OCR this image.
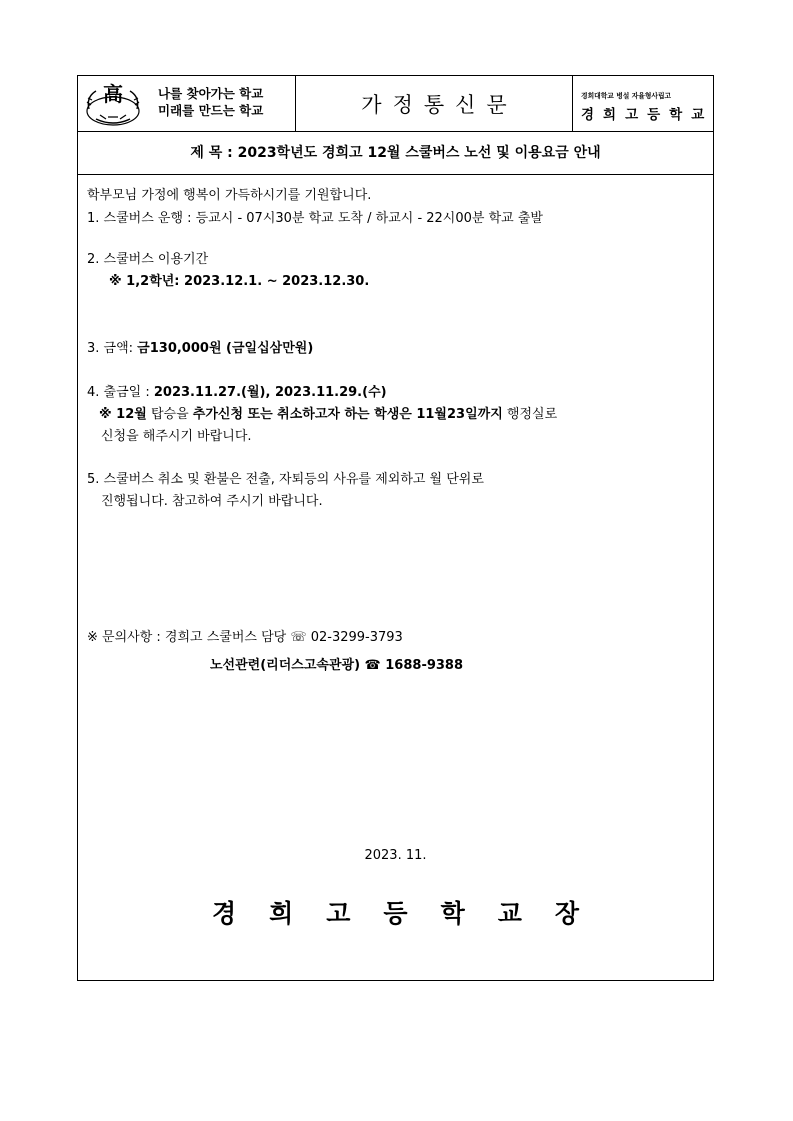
高	나를 찾아가는 학교
미래를 만드는 학교	가정통신문	경희대학교 병설 자율형사립고
경희고등학교
제 목 : 2023학년도 경희고 12월 스쿨버스 노선 및 이용요금 안내
학부모님 가정에 행복이 가득하시기를 기원합니다.
1. 스쿨버스 운행 : 등교시 - 07시30분 학교 도착 / 하교시 - 22시00분 학교 출발
2. 스쿨버스 이용기간
※ 1,2학년: 2023.12.1. ~ 2023.12.30.
3. 금액: 금130,000원 (금일십삼만원)
4. 출금일 : 2023.11.27.(월), 2023.11.29.(수)
※ 12월 탑승을 추가신청 또는 취소하고자 하는 학생은 11월23일까지 행정실로
신청을 해주시기 바랍니다.
5. 스쿨버스 취소 및 환불은 전출, 자퇴등의 사유를 제외하고 월 단위로
진행됩니다. 참고하여 주시기 바랍니다.
※ 문의사항 : 경희고 스쿨버스 담당 ☏ 02-3299-3793
노선관련(리더스고속관광) ☎ 1688-9388
2023. 11.
경희고등학교장
